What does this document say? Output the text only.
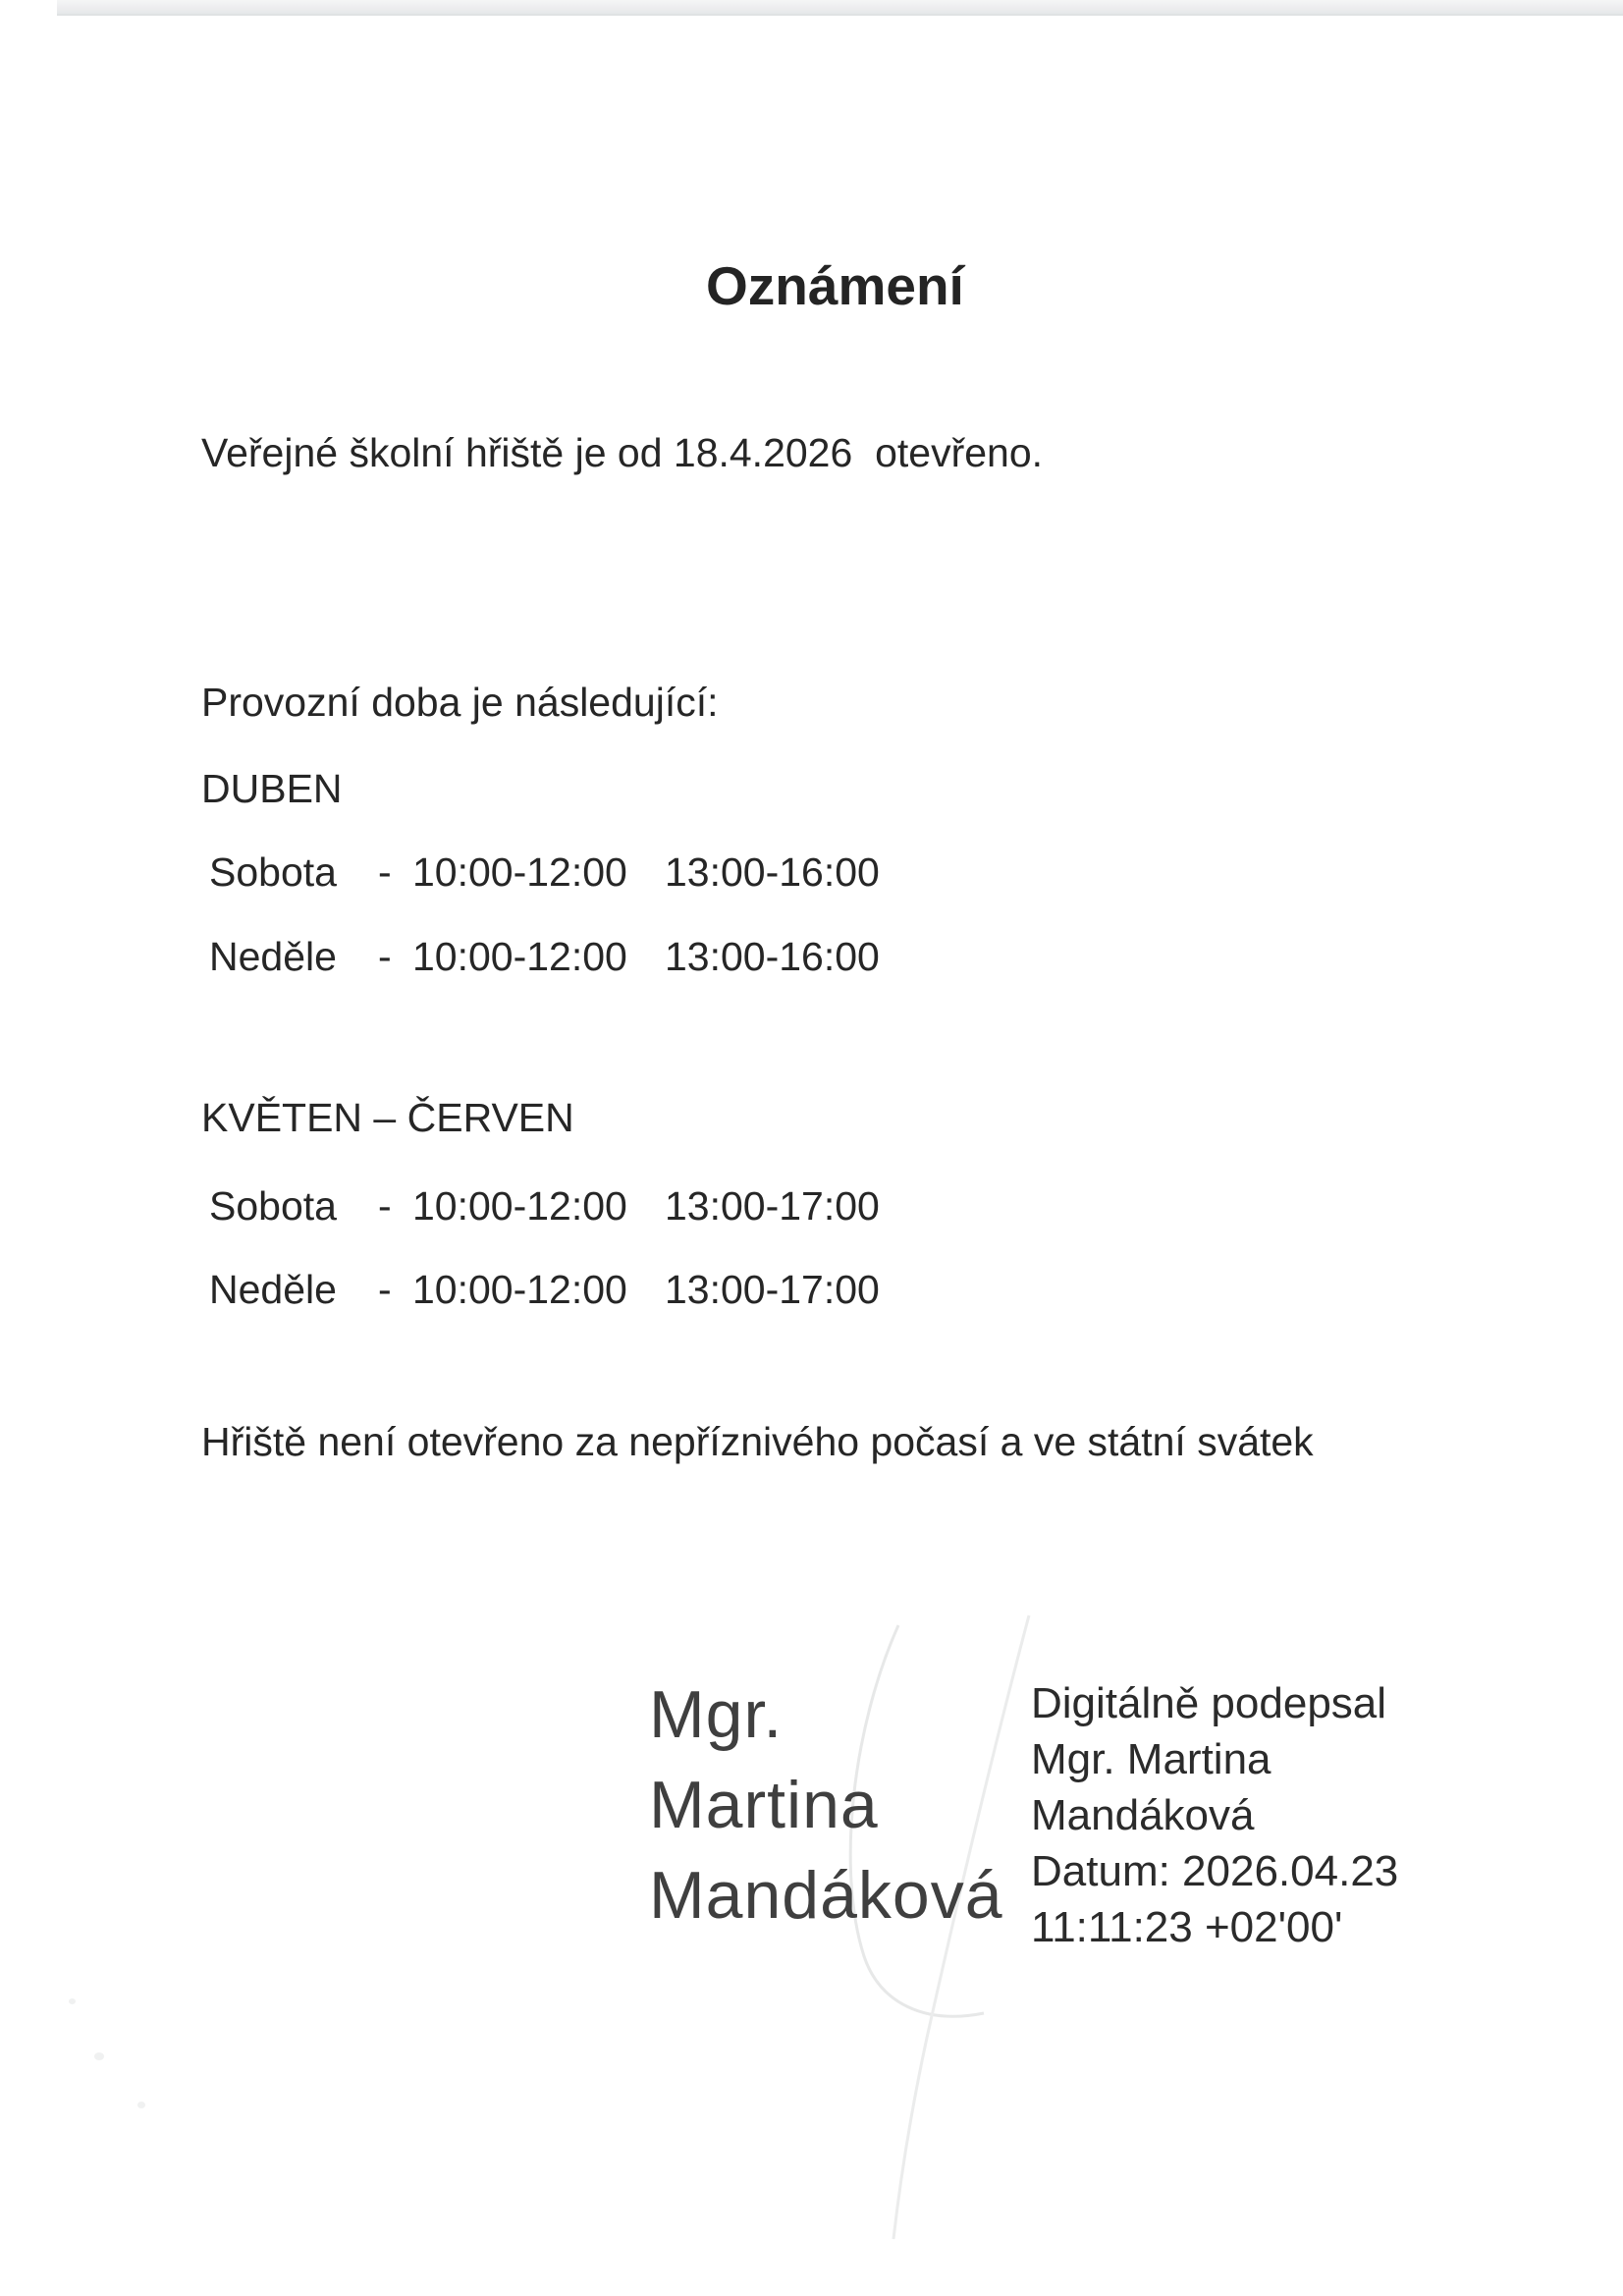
Oznámení
Veřejné školní hřiště je od 18.4.2026  otevřeno.
Provozní doba je následující:
DUBEN
Sobota - 10:00-12:00 13:00-16:00
Neděle - 10:00-12:00 13:00-16:00
KVĚTEN – ČERVEN
Sobota - 10:00-12:00 13:00-17:00
Neděle - 10:00-12:00 13:00-17:00
Hřiště není otevřeno za nepříznivého počasí a ve státní svátek
Mgr.
Martina
Mandáková
Digitálně podepsal
Mgr. Martina
Mandáková
Datum: 2026.04.23
11:11:23 +02'00'
